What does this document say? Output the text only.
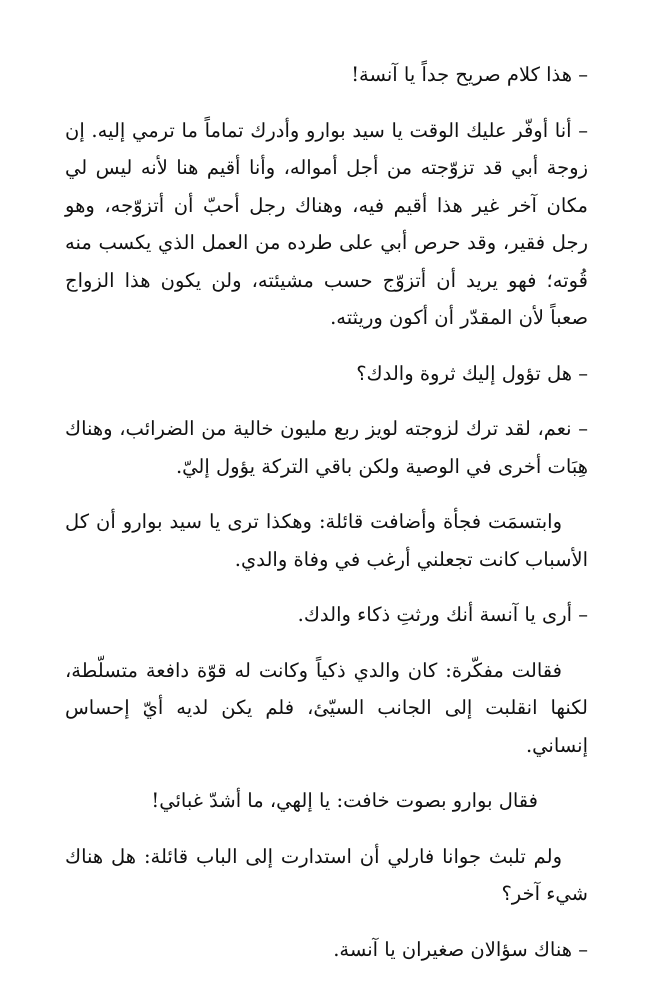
– هذا كلام صريح جداً يا آنسة!

– أنا أوفّر عليك الوقت يا سيد بوارو وأدرك تماماً ما ترمي إليه. إن زوجة أبي قد تزوّجته من أجل أمواله، وأنا أقيم هنا لأنه ليس لي مكان آخر غير هذا أقيم فيه، وهناك رجل أحبّ أن أتزوّجه، وهو رجل فقير، وقد حرص أبي على طرده من العمل الذي يكسب منه قُوته؛ فهو يريد أن أتزوّج حسب مشيئته، ولن يكون هذا الزواج صعباً لأن المقدّر أن أكون وريثته.

– هل تؤول إليك ثروة والدك؟

– نعم، لقد ترك لزوجته لويز ربع مليون خالية من الضرائب، وهناك هِبَات أخرى في الوصية ولكن باقي التركة يؤول إليّ.

وابتسمَت فجأة وأضافت قائلة: وهكذا ترى يا سيد بوارو أن كل الأسباب كانت تجعلني أرغب في وفاة والدي.

– أرى يا آنسة أنك ورثتِ ذكاء والدك.

فقالت مفكّرة: كان والدي ذكياً وكانت له قوّة دافعة متسلّطة، لكنها انقلبت إلى الجانب السيّئ، فلم يكن لديه أيّ إحساس إنساني.

فقال بوارو بصوت خافت: يا إلهي، ما أشدّ غبائي!

ولم تلبث جوانا فارلي أن استدارت إلى الباب قائلة: هل هناك شيء آخر؟

– هناك سؤالان صغيران يا آنسة.
